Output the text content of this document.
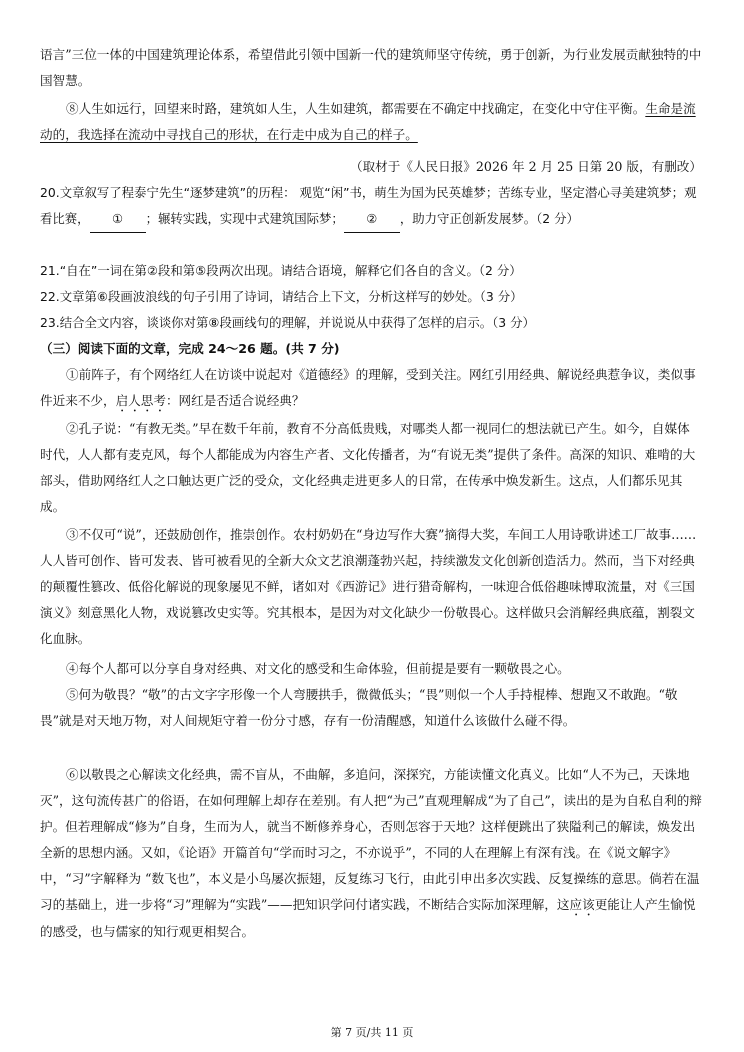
语言”三位一体的中国建筑理论体系，希望借此引领中国新一代的建筑师坚守传统，勇于创新，为行业发展贡献独特的中国智慧。

⑧人生如远行，回望来时路，建筑如人生，人生如建筑，都需要在不确定中找确定，在变化中守住平衡。生命是流动的，我选择在流动中寻找自己的形状，在行走中成为自己的样子。

（取材于《人民日报》2026 年 2 月 25 日第 20 版，有删改）

20.文章叙写了程泰宁先生“逐梦建筑”的历程： 观览“闲”书，萌生为国为民英雄梦；苦练专业，坚定潜心寻美建筑梦；观看比赛， ① ；辗转实践，实现中式建筑国际梦； ② ，助力守正创新发展梦。（2 分）

21.“自在”一词在第②段和第⑤段两次出现。请结合语境，解释它们各自的含义。（2 分）

22.文章第⑥段画波浪线的句子引用了诗词，请结合上下文，分析这样写的妙处。（3 分）

23.结合全文内容，谈谈你对第⑧段画线句的理解，并说说从中获得了怎样的启示。（3 分）

（三）阅读下面的文章，完成 24～26 题。(共 7 分)

①前阵子，有个网络红人在访谈中说起对《道德经》的理解，受到关注。网红引用经典、解说经典惹争议，类似事件近来不少，启人思考：网红是否适合说经典？

②孔子说：“有教无类。”早在数千年前，教育不分高低贵贱，对哪类人都一视同仁的想法就已产生。如今，自媒体时代，人人都有麦克风，每个人都能成为内容生产者、文化传播者，为“有说无类”提供了条件。高深的知识、难啃的大部头，借助网络红人之口触达更广泛的受众，文化经典走进更多人的日常，在传承中焕发新生。这点，人们都乐见其成。

③不仅可“说”，还鼓励创作，推崇创作。农村奶奶在“身边写作大赛”摘得大奖，车间工人用诗歌讲述工厂故事……人人皆可创作、皆可发表、皆可被看见的全新大众文艺浪潮蓬勃兴起，持续激发文化创新创造活力。然而，当下对经典的颠覆性篡改、低俗化解说的现象屡见不鲜，诸如对《西游记》进行猎奇解构，一味迎合低俗趣味博取流量，对《三国演义》刻意黑化人物，戏说篡改史实等。究其根本，是因为对文化缺少一份敬畏心。这样做只会消解经典底蕴，割裂文化血脉。

④每个人都可以分享自身对经典、对文化的感受和生命体验，但前提是要有一颗敬畏之心。

⑤何为敬畏？“敬”的古文字字形像一个人弯腰拱手，微微低头；“畏”则似一个人手持棍棒、想跑又不敢跑。“敬畏”就是对天地万物，对人间规矩守着一份分寸感，存有一份清醒感，知道什么该做什么碰不得。

⑥以敬畏之心解读文化经典，需不盲从，不曲解，多追问，深探究，方能读懂文化真义。比如“人不为己，天诛地灭”，这句流传甚广的俗语，在如何理解上却存在差别。有人把“为己”直观理解成“为了自己”，读出的是为自私自利的辩护。但若理解成“修为”自身，生而为人，就当不断修养身心，否则怎容于天地？这样便跳出了狭隘利己的解读，焕发出全新的思想内涵。又如，《论语》开篇首句“学而时习之，不亦说乎”，不同的人在理解上有深有浅。在《说文解字》中，“习”字解释为 “数飞也”，本义是小鸟屡次振翅，反复练习飞行，由此引申出多次实践、反复操练的意思。倘若在温习的基础上，进一步将“习”理解为“实践”——把知识学问付诸实践，不断结合实际加深理解，这应该更能让人产生愉悦的感受，也与儒家的知行观更相契合。

第 7 页/共 11 页
